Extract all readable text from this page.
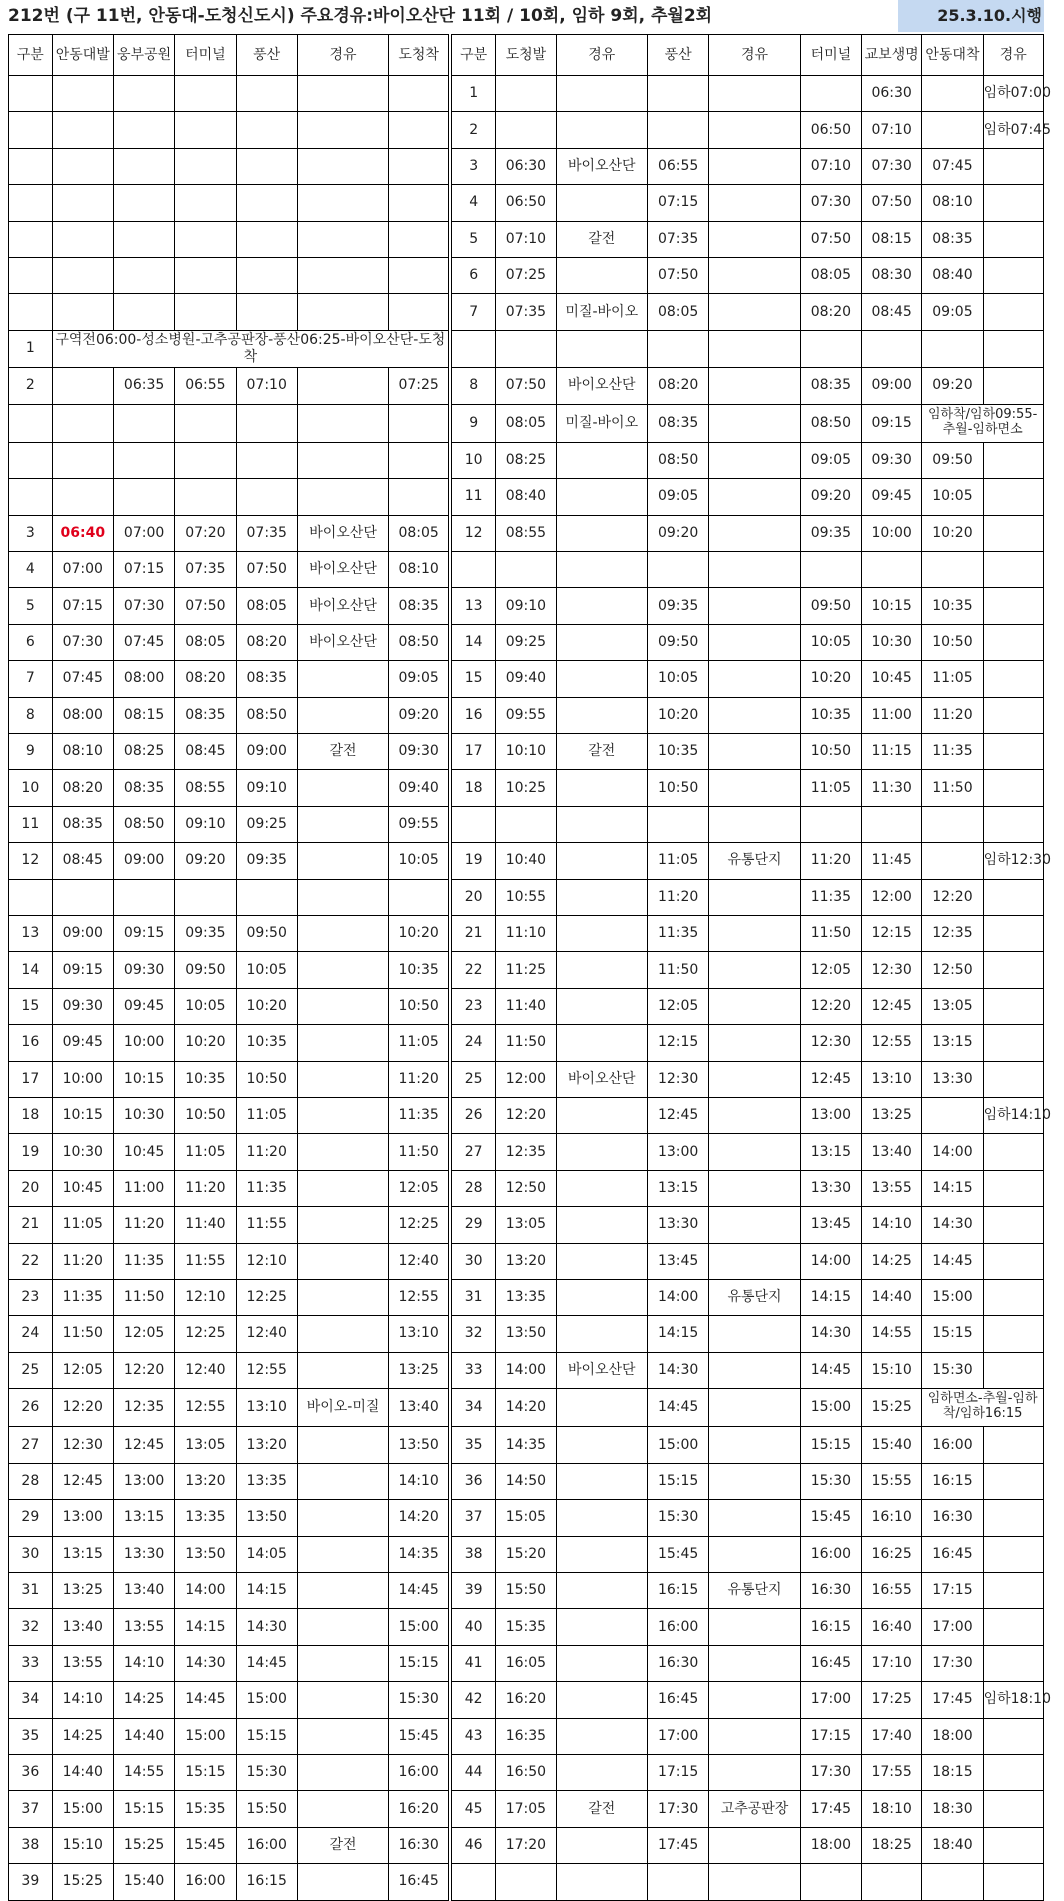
212번 (구 11번, 안동대-도청신도시) 주요경유:바이오산단 11회 / 10회, 임하 9회, 추월2회	25.3.10.시행
구분	안동대발	웅부공원	터미널	풍산	경유	도청착	구분	도청발	경유	풍산	경유	터미널	교보생명	안동대착	경유
							1						06:30		임하07:00
							2					06:50	07:10		임하07:45
							3	06:30	바이오산단	06:55		07:10	07:30	07:45	
							4	06:50		07:15		07:30	07:50	08:10	
							5	07:10	갈전	07:35		07:50	08:15	08:35	
							6	07:25		07:50		08:05	08:30	08:40	
							7	07:35	미질-바이오	08:05		08:20	08:45	09:05	
1	구역전06:00-성소병원-고추공판장-풍산06:25-바이오산단-도청착														
2		06:35	06:55	07:10		07:25	8	07:50	바이오산단	08:20		08:35	09:00	09:20	
							9	08:05	미질-바이오	08:35		08:50	09:15	임하착/임하09:55-추월-임하면소	
							10	08:25		08:50		09:05	09:30	09:50	
							11	08:40		09:05		09:20	09:45	10:05	
3	06:40	07:00	07:20	07:35	바이오산단	08:05	12	08:55		09:20		09:35	10:00	10:20	
4	07:00	07:15	07:35	07:50	바이오산단	08:10									
5	07:15	07:30	07:50	08:05	바이오산단	08:35	13	09:10		09:35		09:50	10:15	10:35	
6	07:30	07:45	08:05	08:20	바이오산단	08:50	14	09:25		09:50		10:05	10:30	10:50	
7	07:45	08:00	08:20	08:35		09:05	15	09:40		10:05		10:20	10:45	11:05	
8	08:00	08:15	08:35	08:50		09:20	16	09:55		10:20		10:35	11:00	11:20	
9	08:10	08:25	08:45	09:00	갈전	09:30	17	10:10	갈전	10:35		10:50	11:15	11:35	
10	08:20	08:35	08:55	09:10		09:40	18	10:25		10:50		11:05	11:30	11:50	
11	08:35	08:50	09:10	09:25		09:55									
12	08:45	09:00	09:20	09:35		10:05	19	10:40		11:05	유통단지	11:20	11:45		임하12:30
							20	10:55		11:20		11:35	12:00	12:20	
13	09:00	09:15	09:35	09:50		10:20	21	11:10		11:35		11:50	12:15	12:35	
14	09:15	09:30	09:50	10:05		10:35	22	11:25		11:50		12:05	12:30	12:50	
15	09:30	09:45	10:05	10:20		10:50	23	11:40		12:05		12:20	12:45	13:05	
16	09:45	10:00	10:20	10:35		11:05	24	11:50		12:15		12:30	12:55	13:15	
17	10:00	10:15	10:35	10:50		11:20	25	12:00	바이오산단	12:30		12:45	13:10	13:30	
18	10:15	10:30	10:50	11:05		11:35	26	12:20		12:45		13:00	13:25		임하14:10
19	10:30	10:45	11:05	11:20		11:50	27	12:35		13:00		13:15	13:40	14:00	
20	10:45	11:00	11:20	11:35		12:05	28	12:50		13:15		13:30	13:55	14:15	
21	11:05	11:20	11:40	11:55		12:25	29	13:05		13:30		13:45	14:10	14:30	
22	11:20	11:35	11:55	12:10		12:40	30	13:20		13:45		14:00	14:25	14:45	
23	11:35	11:50	12:10	12:25		12:55	31	13:35		14:00	유통단지	14:15	14:40	15:00	
24	11:50	12:05	12:25	12:40		13:10	32	13:50		14:15		14:30	14:55	15:15	
25	12:05	12:20	12:40	12:55		13:25	33	14:00	바이오산단	14:30		14:45	15:10	15:30	
26	12:20	12:35	12:55	13:10	바이오-미질	13:40	34	14:20		14:45		15:00	15:25	임하면소-추월-임하착/임하16:15	
27	12:30	12:45	13:05	13:20		13:50	35	14:35		15:00		15:15	15:40	16:00	
28	12:45	13:00	13:20	13:35		14:10	36	14:50		15:15		15:30	15:55	16:15	
29	13:00	13:15	13:35	13:50		14:20	37	15:05		15:30		15:45	16:10	16:30	
30	13:15	13:30	13:50	14:05		14:35	38	15:20		15:45		16:00	16:25	16:45	
31	13:25	13:40	14:00	14:15		14:45	39	15:50		16:15	유통단지	16:30	16:55	17:15	
32	13:40	13:55	14:15	14:30		15:00	40	15:35		16:00		16:15	16:40	17:00	
33	13:55	14:10	14:30	14:45		15:15	41	16:05		16:30		16:45	17:10	17:30	
34	14:10	14:25	14:45	15:00		15:30	42	16:20		16:45		17:00	17:25	17:45	임하18:10
35	14:25	14:40	15:00	15:15		15:45	43	16:35		17:00		17:15	17:40	18:00	
36	14:40	14:55	15:15	15:30		16:00	44	16:50		17:15		17:30	17:55	18:15	
37	15:00	15:15	15:35	15:50		16:20	45	17:05	갈전	17:30	고추공판장	17:45	18:10	18:30	
38	15:10	15:25	15:45	16:00	갈전	16:30	46	17:20		17:45		18:00	18:25	18:40	
39	15:25	15:40	16:00	16:15		16:45									
